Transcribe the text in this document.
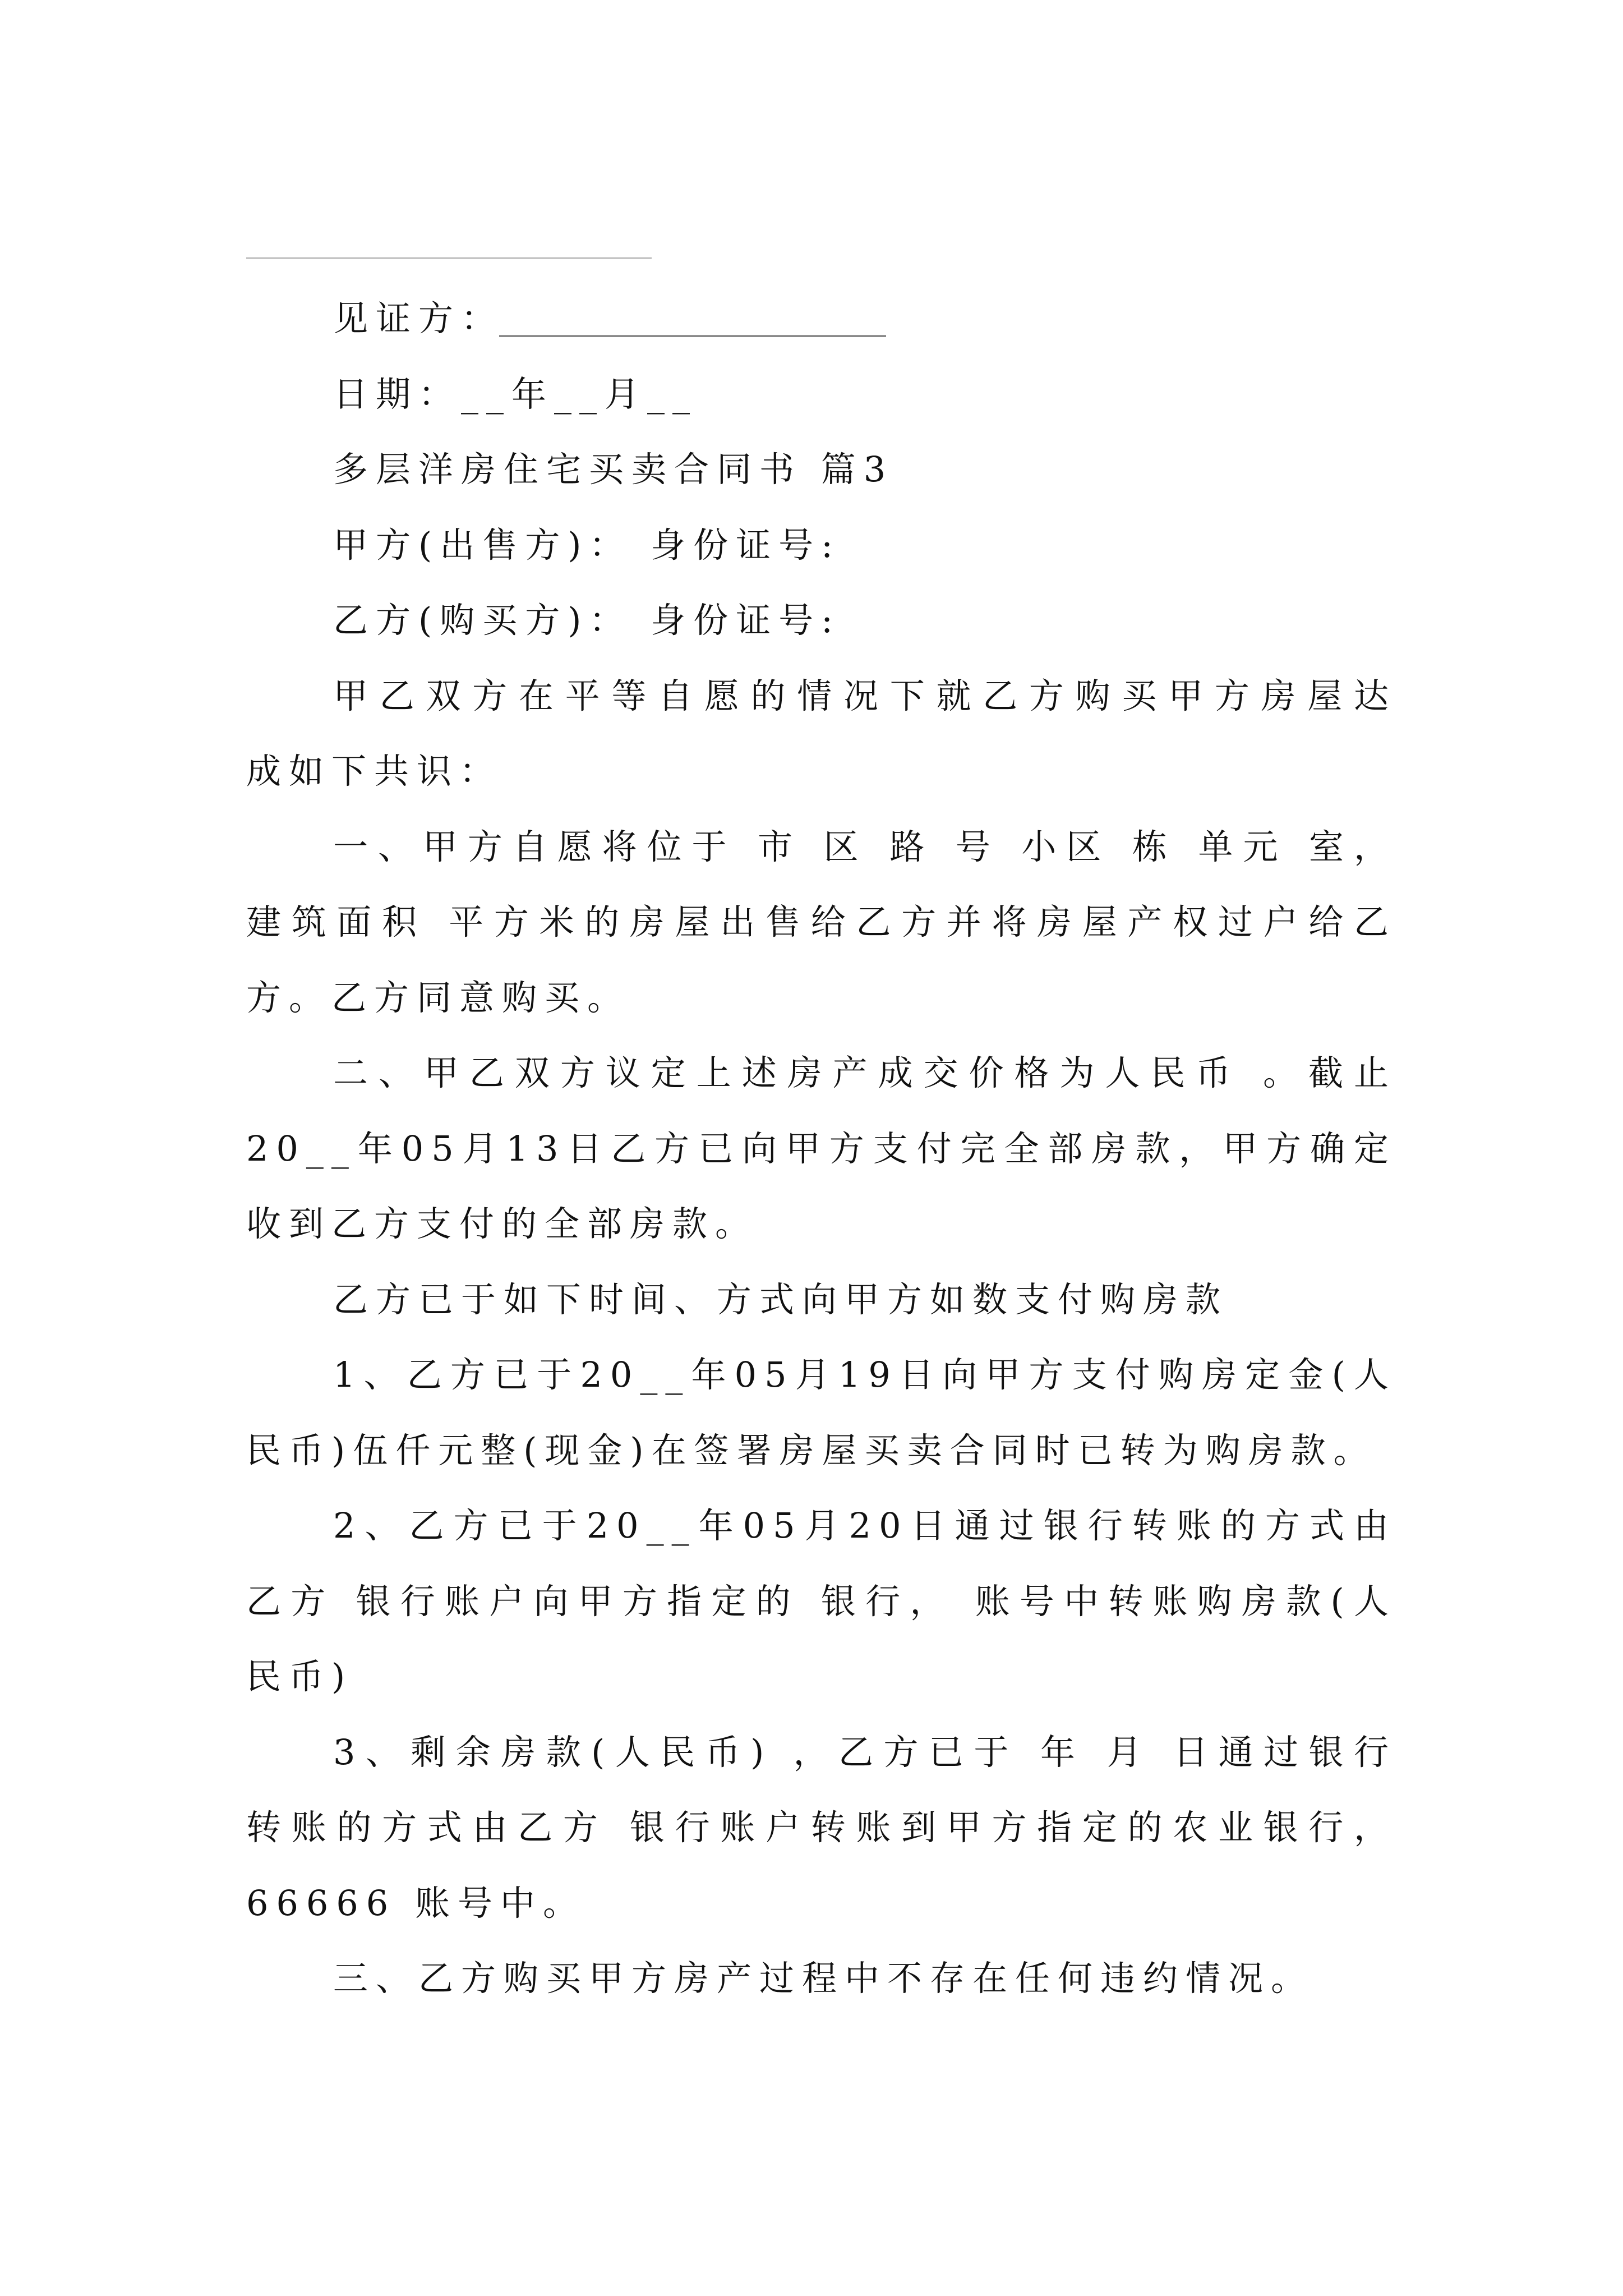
见证方：
日期：__年__月__
多层洋房住宅买卖合同书 篇3
甲方(出售方)： 身份证号:
乙方(购买方)： 身份证号:
甲乙双方在平等自愿的情况下就乙方购买甲方房屋达
成如下共识：
一、甲方自愿将位于 市 区 路 号 小区 栋 单元 室，
建筑面积 平方米的房屋出售给乙方并将房屋产权过户给乙
方。乙方同意购买。
二、甲乙双方议定上述房产成交价格为人民币 。截止
20__年05月13日乙方已向甲方支付完全部房款，甲方确定
收到乙方支付的全部房款。
乙方已于如下时间、方式向甲方如数支付购房款
1、乙方已于20__年05月19日向甲方支付购房定金(人
民币)伍仟元整(现金)在签署房屋买卖合同时已转为购房款。
2、乙方已于20__年05月20日通过银行转账的方式由
乙方 银行账户向甲方指定的 银行， 账号中转账购房款(人
民币)
3、剩余房款(人民币) ，乙方已于 年 月 日通过银行
转账的方式由乙方 银行账户转账到甲方指定的农业银行，
66666 账号中。
三、乙方购买甲方房产过程中不存在任何违约情况。
